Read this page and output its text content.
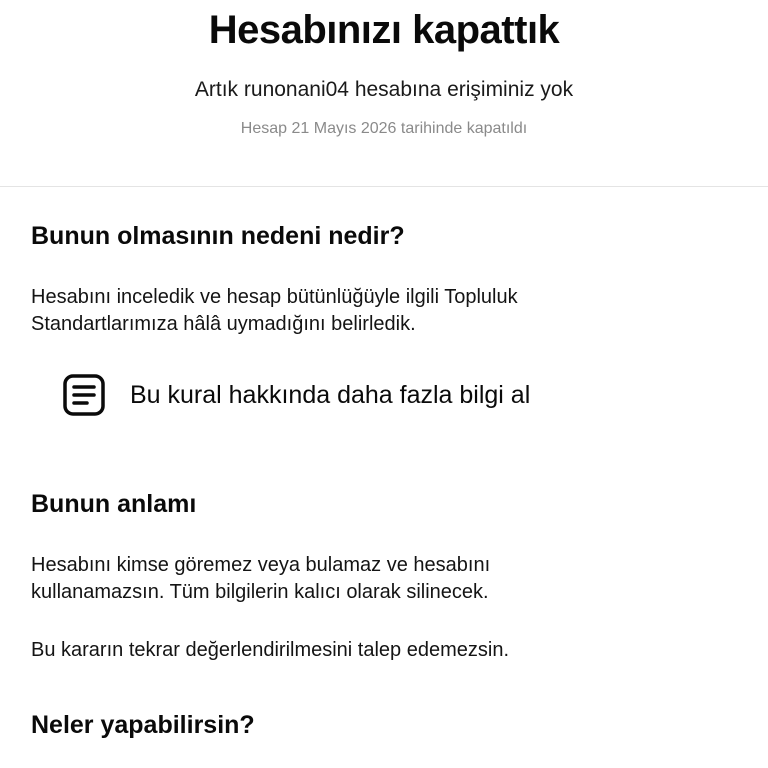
Hesabınızı kapattık
Artık runonani04 hesabına erişiminiz yok
Hesap 21 Mayıs 2026 tarihinde kapatıldı
Bunun olmasının nedeni nedir?
Hesabını inceledik ve hesap bütünlüğüyle ilgili Topluluk
Standartlarımıza hâlâ uymadığını belirledik.
Bu kural hakkında daha fazla bilgi al
Bunun anlamı
Hesabını kimse göremez veya bulamaz ve hesabını
kullanamazsın. Tüm bilgilerin kalıcı olarak silinecek.
Bu kararın tekrar değerlendirilmesini talep edemezsin.
Neler yapabilirsin?
